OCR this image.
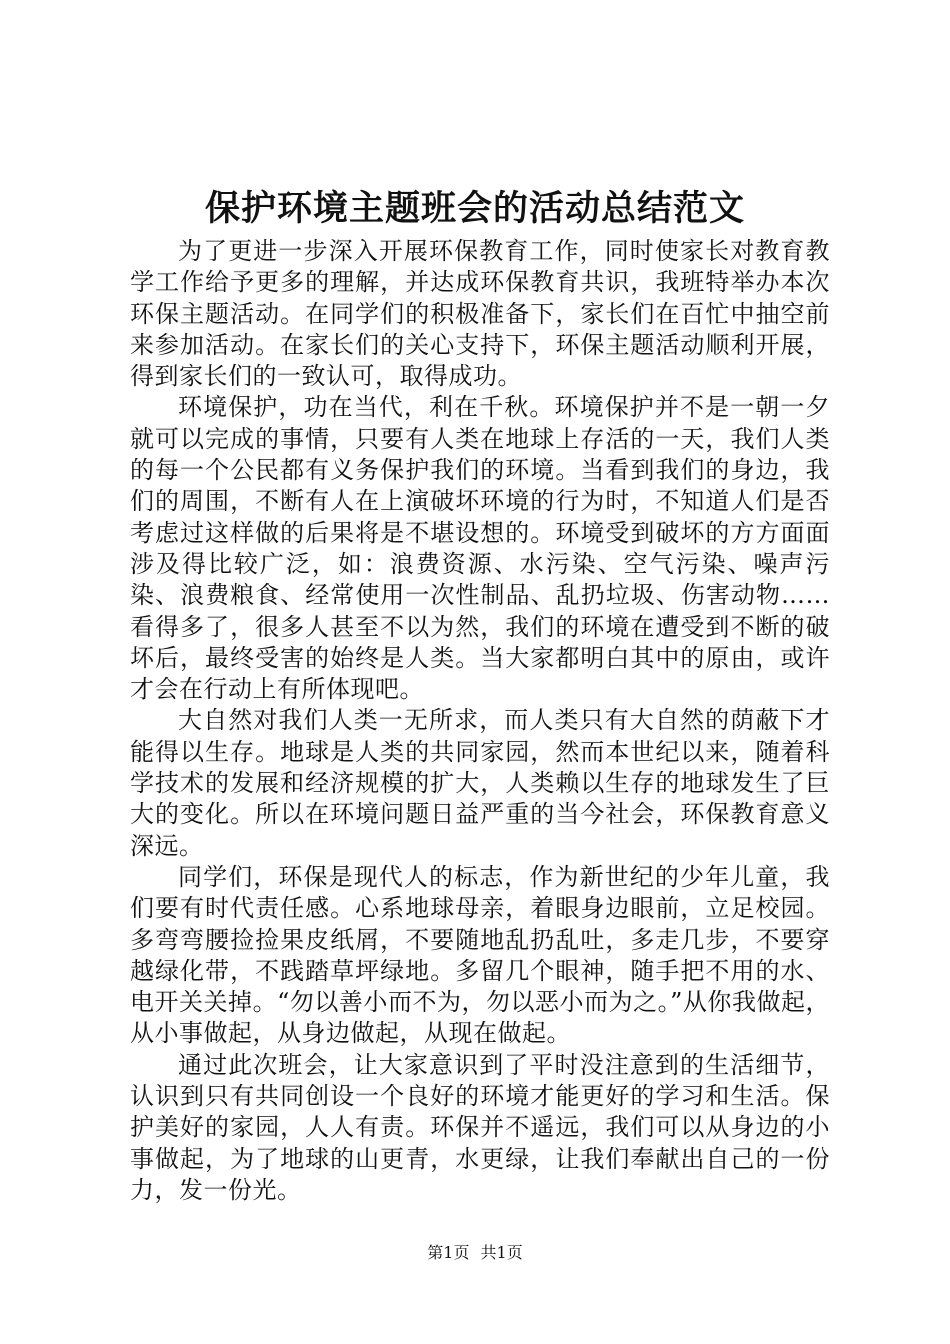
保护环境主题班会的活动总结范文

为了更进一步深入开展环保教育工作，同时使家长对教育教学工作给予更多的理解，并达成环保教育共识，我班特举办本次环保主题活动。在同学们的积极准备下，家长们在百忙中抽空前来参加活动。在家长们的关心支持下，环保主题活动顺利开展，得到家长们的一致认可，取得成功。

环境保护，功在当代，利在千秋。环境保护并不是一朝一夕就可以完成的事情，只要有人类在地球上存活的一天，我们人类的每一个公民都有义务保护我们的环境。当看到我们的身边，我们的周围，不断有人在上演破坏环境的行为时，不知道人们是否考虑过这样做的后果将是不堪设想的。环境受到破坏的方方面面涉及得比较广泛，如：浪费资源、水污染、空气污染、噪声污染、浪费粮食、经常使用一次性制品、乱扔垃圾、伤害动物……看得多了，很多人甚至不以为然，我们的环境在遭受到不断的破坏后，最终受害的始终是人类。当大家都明白其中的原由，或许才会在行动上有所体现吧。

大自然对我们人类一无所求，而人类只有大自然的荫蔽下才能得以生存。地球是人类的共同家园，然而本世纪以来，随着科学技术的发展和经济规模的扩大，人类赖以生存的地球发生了巨大的变化。所以在环境问题日益严重的当今社会，环保教育意义深远。

同学们，环保是现代人的标志，作为新世纪的少年儿童，我们要有时代责任感。心系地球母亲，着眼身边眼前，立足校园。多弯弯腰捡捡果皮纸屑，不要随地乱扔乱吐，多走几步，不要穿越绿化带，不践踏草坪绿地。多留几个眼神，随手把不用的水、电开关关掉。“勿以善小而不为，勿以恶小而为之。”从你我做起，从小事做起，从身边做起，从现在做起。

通过此次班会，让大家意识到了平时没注意到的生活细节，认识到只有共同创设一个良好的环境才能更好的学习和生活。保护美好的家园，人人有责。环保并不遥远，我们可以从身边的小事做起，为了地球的山更青，水更绿，让我们奉献出自己的一份力，发一份光。

第1页 共1页
